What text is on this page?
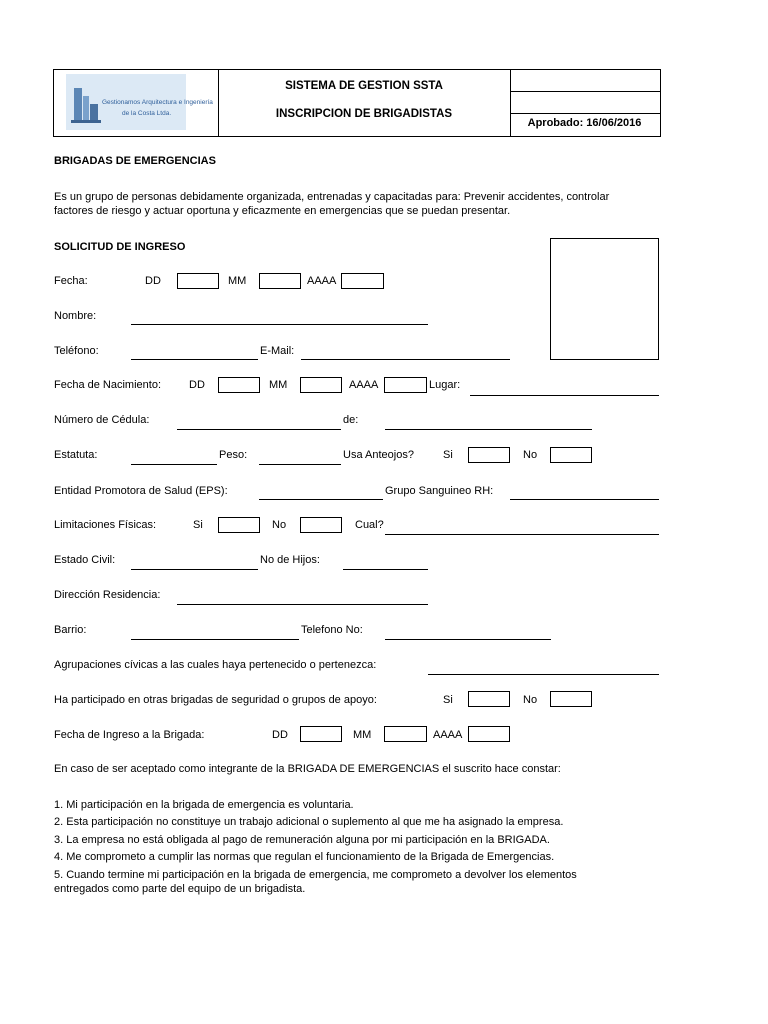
Gestionamos Arquitectura e Ingeniería
de la Costa Ltda.
SISTEMA DE GESTION SSTA
INSCRIPCION DE BRIGADISTAS
Aprobado: 16/06/2016
BRIGADAS DE EMERGENCIAS
Es un grupo de personas debidamente organizada, entrenadas y capacitadas para: Prevenir accidentes, controlar
factores de riesgo y actuar oportuna y eficazmente en emergencias que se puedan presentar.
SOLICITUD DE INGRESO
Fecha:	DD	MM	AAAA
Nombre:
Teléfono:	E-Mail:
Fecha de Nacimiento:	DD	MM	AAAA	Lugar:
Número de Cédula:	de:
Estatuta:	Peso:	Usa Anteojos?	Si	No
Entidad Promotora de Salud (EPS):	Grupo Sanguineo RH:
Limitaciones Físicas:	Si	No	Cual?
Estado Civil:	No de Hijos:
Dirección Residencia:
Barrio:	Telefono No:
Agrupaciones cívicas a las cuales haya pertenecido o pertenezca:
Ha participado en otras brigadas de seguridad o grupos de apoyo:	Si	No
Fecha de Ingreso a la Brigada:	DD	MM	AAAA
En caso de ser aceptado como integrante de la BRIGADA DE EMERGENCIAS el suscrito hace constar:
1. Mi participación en la brigada de emergencia es voluntaria.
2. Esta participación no constituye un trabajo adicional o suplemento al que me ha asignado la empresa.
3. La empresa no está obligada al pago de remuneración alguna por mi participación en la BRIGADA.
4. Me comprometo a cumplir las normas que regulan el funcionamiento de la Brigada de Emergencias.
5. Cuando termine mi participación en la brigada de emergencia, me comprometo a devolver los elementos
entregados como parte del equipo de un brigadista.
